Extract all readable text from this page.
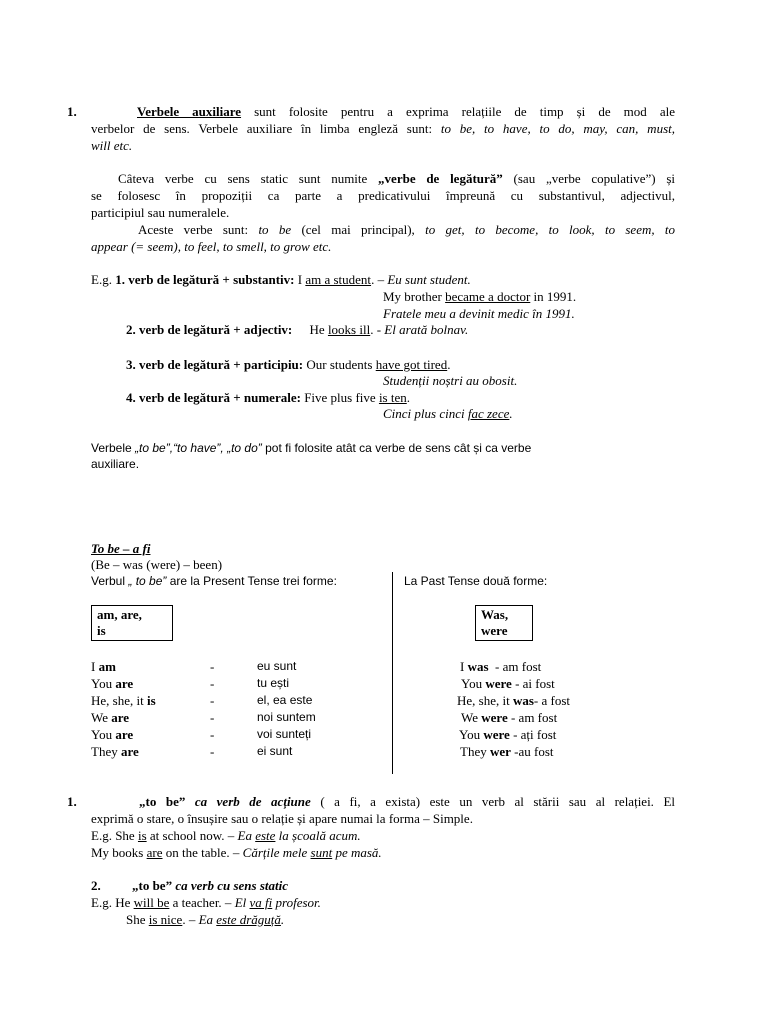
1.	Verbele auxiliare sunt folosite pentru a exprima relațiile de timp și de mod ale
verbelor de sens. Verbele auxiliare în limba engleză sunt: to be, to have, to do, may, can, must,
will etc.
Câteva verbe cu sens static sunt numite „verbe de legătură” (sau „verbe copulative”) și
se folosesc în propoziții ca parte a predicativului împreună cu substantivul, adjectivul,
participiul sau numeralele.
Aceste verbe sunt: to be (cel mai principal), to get, to become, to look, to seem, to
appear (= seem), to feel, to smell, to grow etc.
E.g. 1. verb de legătură + substantiv: I am a student. – Eu sunt student.
My brother became a doctor in 1991.
Fratele meu a devinit medic în 1991.
2. verb de legătură + adjectiv: He looks ill. - El arată bolnav.
3. verb de legătură + participiu: Our students have got tired.
Studenții noștri au obosit.
4. verb de legătură + numerale: Five plus five is ten.
Cinci plus cinci fac zece.
Verbele „to be”,“to have”, „to do” pot fi folosite atât ca verbe de sens cât și ca verbe
auxiliare.
To be – a fi
(Be – was (were) – been)
Verbul „ to be” are la Present Tense trei forme:	La Past Tense două forme:
am, are,
is
Was,
were
I am	-	eu sunt
You are	-	tu ești
He, she, it is	-	el, ea este
We are	-	noi suntem
You are	-	voi sunteți
They are	-	ei sunt
I was - am fost
You were - ai fost
He, she, it was- a fost
We were - am fost
You were - ați fost
They wer -au fost
1.	„to be” ca verb de acțiune ( a fi, a exista) este un verb al stării sau al relației. El
exprimă o stare, o însușire sau o relație și apare numai la forma – Simple.
E.g. She is at school now. – Ea este la școală acum.
My books are on the table. – Cărțile mele sunt pe masă.
2. „to be” ca verb cu sens static
E.g. He will be a teacher. – El va fi profesor.
She is nice. – Ea este drăguță.
